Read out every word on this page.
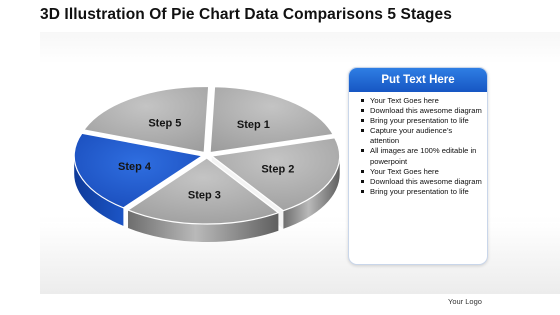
3D Illustration Of Pie Chart Data Comparisons 5 Stages
Step 1
Step 2
Step 3
Step 4
Step 5
Put Text Here
Your Text Goes here
Download this awesome diagram
Bring your presentation to life
Capture your audience’s attention
All images are 100% editable in powerpoint
Your Text Goes here
Download this awesome diagram
Bring your presentation to life
Your Logo
